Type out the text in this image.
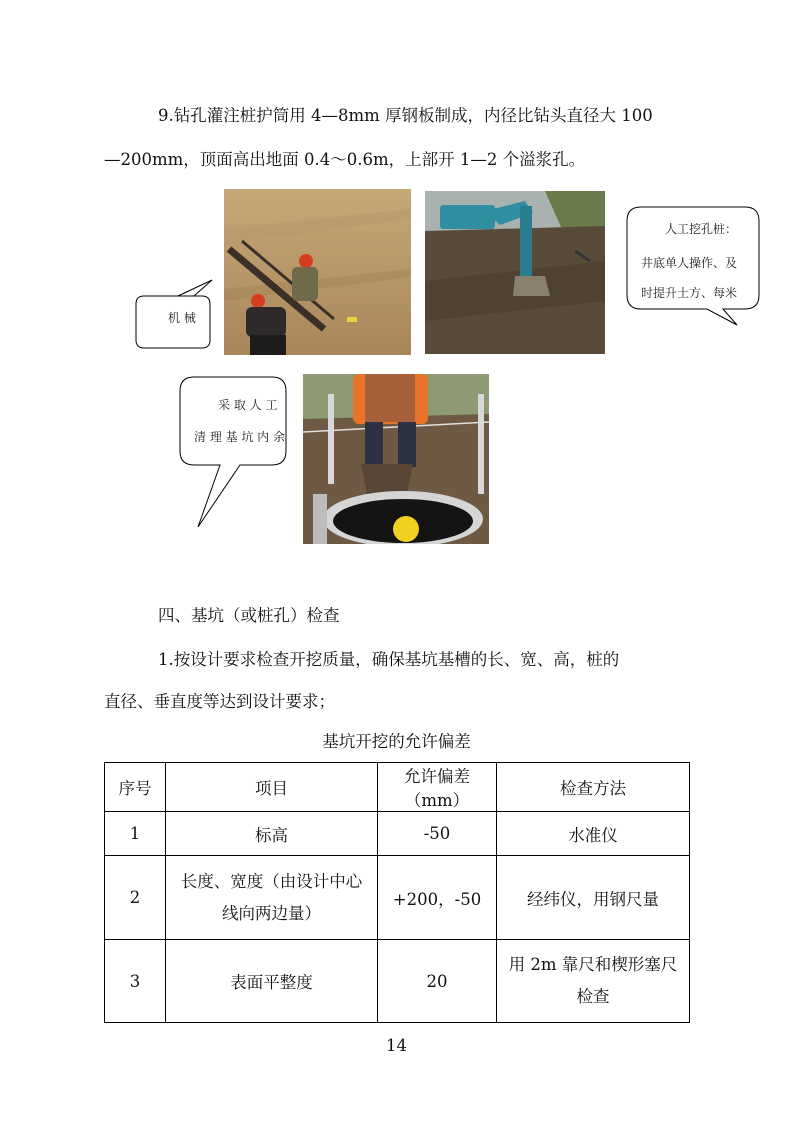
9.钻孔灌注桩护筒用 4—8mm 厚钢板制成，内径比钻头直径大 100
—200mm，顶面高出地面 0.4～0.6m，上部开 1—2 个溢浆孔。
机 械
人工挖孔桩：
井底单人操作、及
时提升土方、每米
采 取 人 工
清 理 基 坑 内 余
四、基坑（或桩孔）检查
1.按设计要求检查开挖质量，确保基坑基槽的长、宽、高，桩的
直径、垂直度等达到设计要求；
基坑开挖的允许偏差
序号	项目	允许偏差（mm）	检查方法
1	标高	-50	水准仪
2	长度、宽度（由设计中心
线向两边量）	+200，-50	经纬仪，用钢尺量
3	表面平整度	20	用 2m 靠尺和楔形塞尺
检查
14
